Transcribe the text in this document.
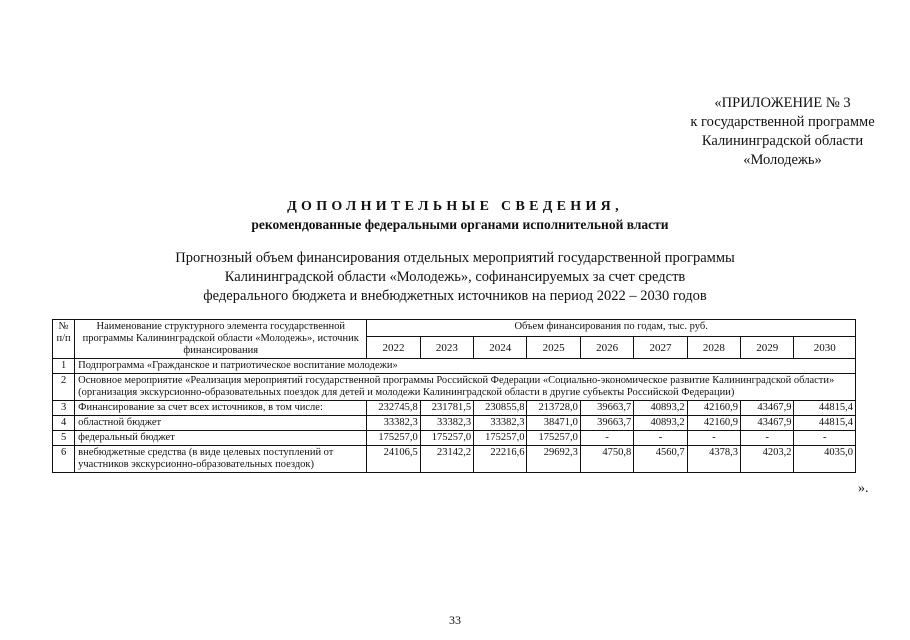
«ПРИЛОЖЕНИЕ № 3
к государственной программе
Калининградской области
«Молодежь»
ДОПОЛНИТЕЛЬНЫЕ СВЕДЕНИЯ,
рекомендованные федеральными органами исполнительной власти
Прогнозный объем финансирования отдельных мероприятий государственной программы
Калининградской области «Молодежь», софинансируемых за счет средств
федерального бюджета и внебюджетных источников на период 2022 – 2030 годов
№ п/п	Наименование структурного элемента государственной программы Калининградской области «Молодежь», источник финансирования	Объем финансирования по годам, тыс. руб.								
		2022	2023	2024	2025	2026	2027	2028	2029	2030
1	Подпрограмма «Гражданское и патриотическое воспитание молодежи»									
2	Основное мероприятие «Реализация мероприятий государственной программы Российской Федерации «Социально-экономическое развитие Калининградской области» (организация экскурсионно-образовательных поездок для детей и молодежи Калининградской области в другие субъекты Российской Федерации)									
3	Финансирование за счет всех источников, в том числе:	232745,8	231781,5	230855,8	213728,0	39663,7	40893,2	42160,9	43467,9	44815,4
4	областной бюджет	33382,3	33382,3	33382,3	38471,0	39663,7	40893,2	42160,9	43467,9	44815,4
5	федеральный бюджет	175257,0	175257,0	175257,0	175257,0	-	-	-	-	-
6	внебюджетные средства (в виде целевых поступлений от участников экскурсионно-образовательных поездок)	24106,5	23142,2	22216,6	29692,3	4750,8	4560,7	4378,3	4203,2	4035,0
».
33
